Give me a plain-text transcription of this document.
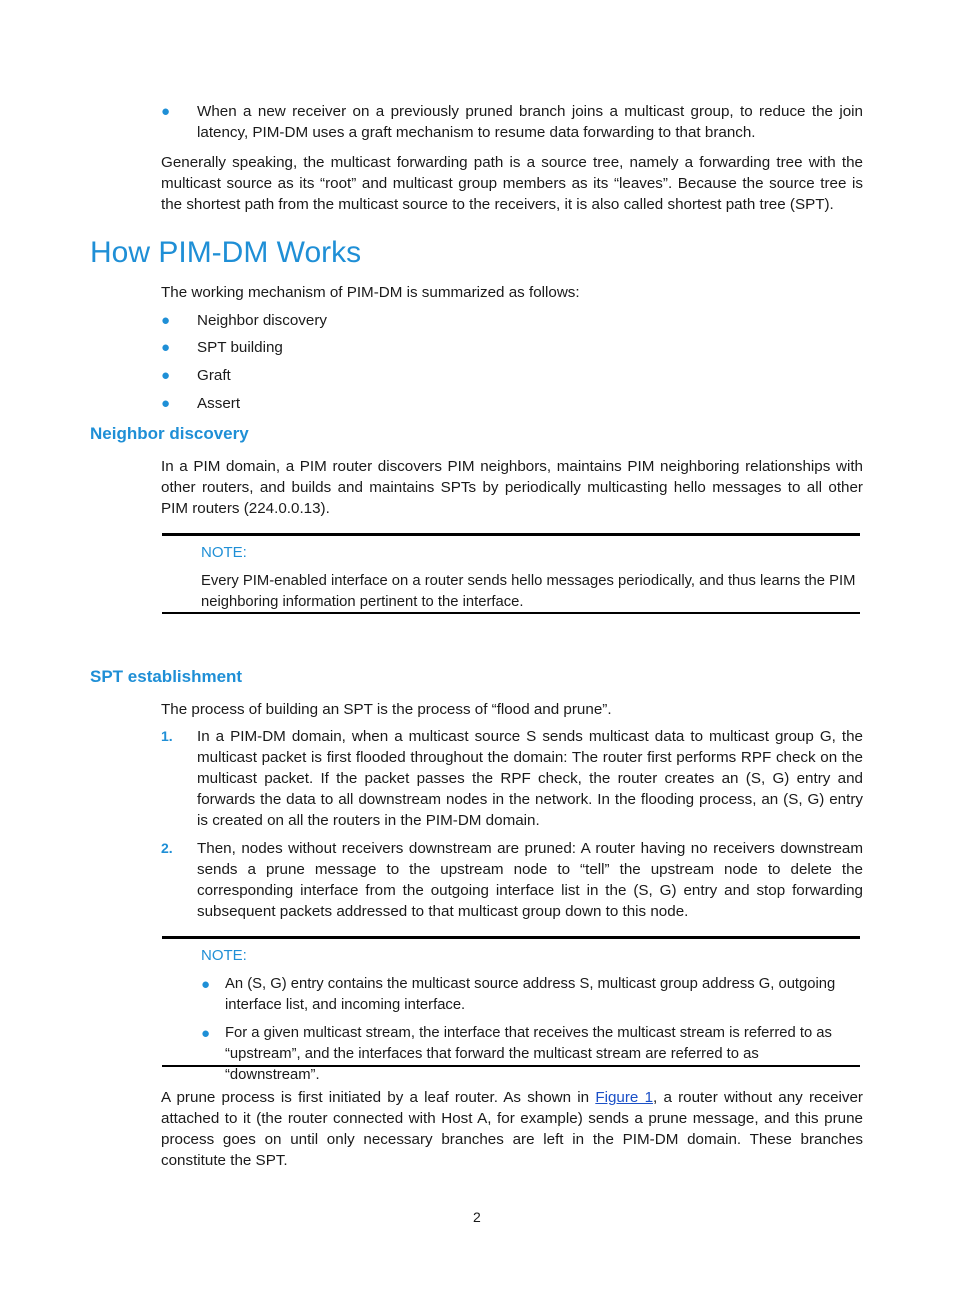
● When a new receiver on a previously pruned branch joins a multicast group, to reduce the join latency, PIM-DM uses a graft mechanism to resume data forwarding to that branch.
Generally speaking, the multicast forwarding path is a source tree, namely a forwarding tree with the multicast source as its “root” and multicast group members as its “leaves”. Because the source tree is the shortest path from the multicast source to the receivers, it is also called shortest path tree (SPT).
How PIM-DM Works
The working mechanism of PIM-DM is summarized as follows:
● Neighbor discovery
● SPT building
● Graft
● Assert
Neighbor discovery
In a PIM domain, a PIM router discovers PIM neighbors, maintains PIM neighboring relationships with other routers, and builds and maintains SPTs by periodically multicasting hello messages to all other PIM routers (224.0.0.13).
NOTE:
Every PIM-enabled interface on a router sends hello messages periodically, and thus learns the PIM neighboring information pertinent to the interface.
SPT establishment
The process of building an SPT is the process of “flood and prune”.
1. In a PIM-DM domain, when a multicast source S sends multicast data to multicast group G, the multicast packet is first flooded throughout the domain: The router first performs RPF check on the multicast packet. If the packet passes the RPF check, the router creates an (S, G) entry and forwards the data to all downstream nodes in the network. In the flooding process, an (S, G) entry is created on all the routers in the PIM-DM domain.
2. Then, nodes without receivers downstream are pruned: A router having no receivers downstream sends a prune message to the upstream node to “tell” the upstream node to delete the corresponding interface from the outgoing interface list in the (S, G) entry and stop forwarding subsequent packets addressed to that multicast group down to this node.
NOTE:
● An (S, G) entry contains the multicast source address S, multicast group address G, outgoing interface list, and incoming interface.
● For a given multicast stream, the interface that receives the multicast stream is referred to as “upstream”, and the interfaces that forward the multicast stream are referred to as “downstream”.
A prune process is first initiated by a leaf router. As shown in Figure 1, a router without any receiver attached to it (the router connected with Host A, for example) sends a prune message, and this prune process goes on until only necessary branches are left in the PIM-DM domain. These branches constitute the SPT.
2
